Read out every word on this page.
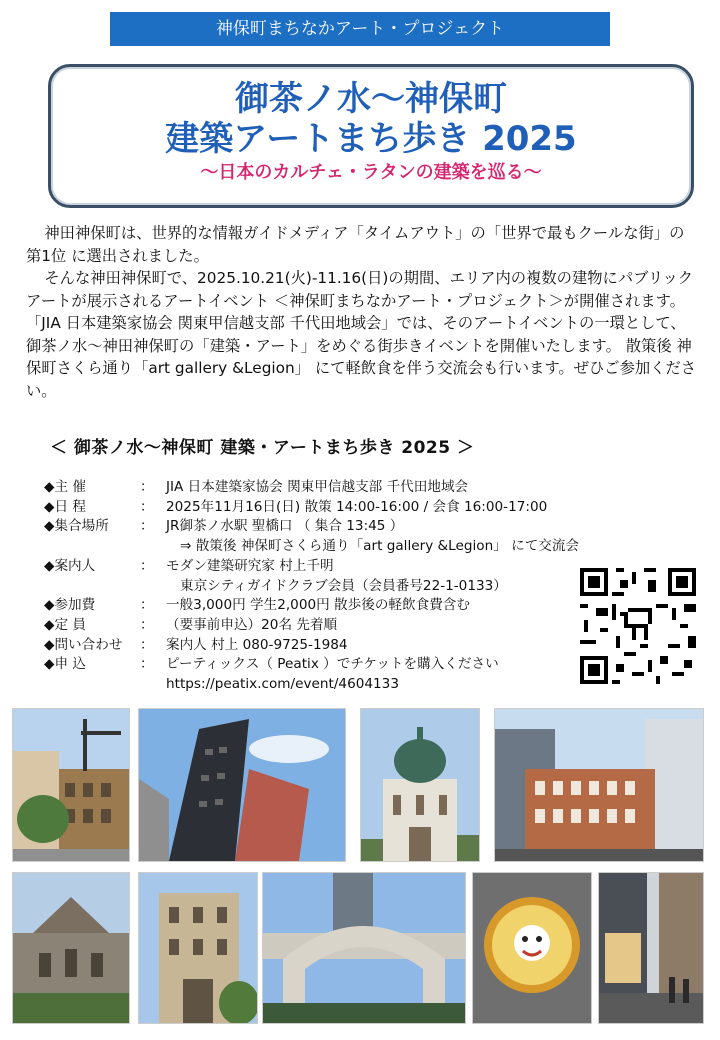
神保町まちなかアート・プロジェクト
御茶ノ水～神保町
建築アートまち歩き 2025
～日本のカルチェ・ラタンの建築を巡る～

神田神保町は、世界的な情報ガイドメディア「タイムアウト」の「世界で最もクールな街」の第1位 に選出されました。

そんな神田神保町で、2025.10.21(火)-11.16(日)の期間、エリア内の複数の建物にパブリックアートが展示されるアートイベント ＜神保町まちなかアート・プロジェクト＞が開催されます。「JIA 日本建築家協会 関東甲信越支部 千代田地域会」では、そのアートイベントの一環として、御茶ノ水～神田神保町の「建築・アート」をめぐる街歩きイベントを開催いたします。 散策後 神保町さくら通り「art gallery &Legion」 にて軽飲食を伴う交流会も行います。ぜひご参加ください。

＜ 御茶ノ水～神保町 建築・アートまち歩き 2025 ＞
◆主 催	： JIA 日本建築家協会 関東甲信越支部 千代田地域会
◆日 程	： 2025年11月16日(日) 散策 14:00-16:00 / 会食 16:00-17:00
◆集合場所	： JR御茶ノ水駅 聖橋口 （ 集合 13:45 ）
⇒ 散策後 神保町さくら通り「art gallery &Legion」 にて交流会
◆案内人	： モダン建築研究家 村上千明
東京シティガイドクラブ会員（会員番号22-1-0133）
◆参加費	： 一般3,000円 学生2,000円 散歩後の軽飲食費含む
◆定 員	： （要事前申込）20名 先着順
◆問い合わせ	： 案内人 村上 080-9725-1984
◆申 込	： ピーティックス（ Peatix ）でチケットを購入ください
https://peatix.com/event/4604133
